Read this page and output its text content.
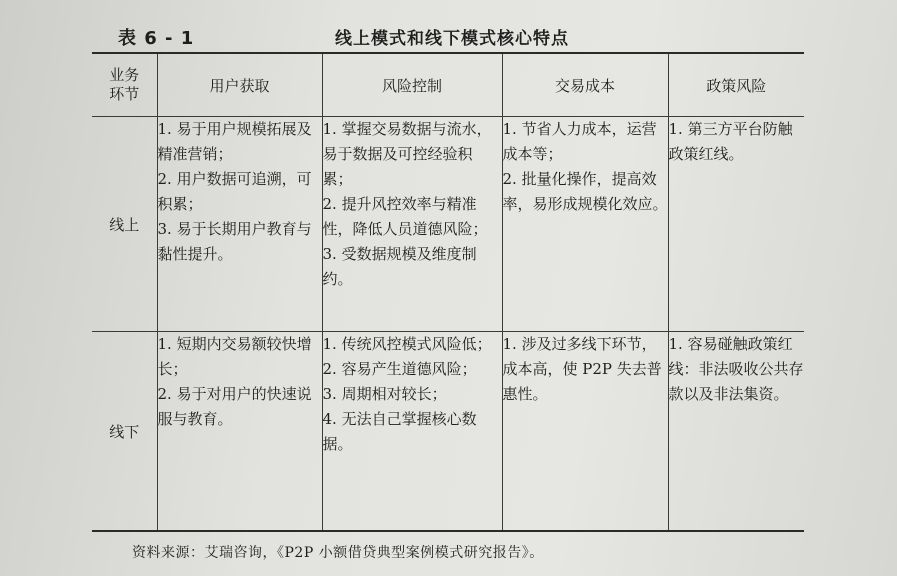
表 6 - 1	线上模式和线下模式核心特点
业务
环节	用户获取	风险控制	交易成本	政策风险
线上	1. 易于用户规模拓展及精准营销；
2. 用户数据可追溯，可积累；
3. 易于长期用户教育与黏性提升。	1. 掌握交易数据与流水，易于数据及可控经验积累；
2. 提升风控效率与精准性，降低人员道德风险；
3. 受数据规模及维度制约。	1. 节省人力成本，运营成本等；
2. 批量化操作，提高效率，易形成规模化效应。	1. 第三方平台防触政策红线。

线下	1. 短期内交易额较快增长；
2. 易于对用户的快速说服与教育。	1. 传统风控模式风险低；
2. 容易产生道德风险；
3. 周期相对较长；
4. 无法自己掌握核心数据。	1. 涉及过多线下环节，成本高，使 P2P 失去普惠性。	1. 容易碰触政策红线：非法吸收公共存款以及非法集资。
资料来源：艾瑞咨询，《P2P 小额借贷典型案例模式研究报告》。
